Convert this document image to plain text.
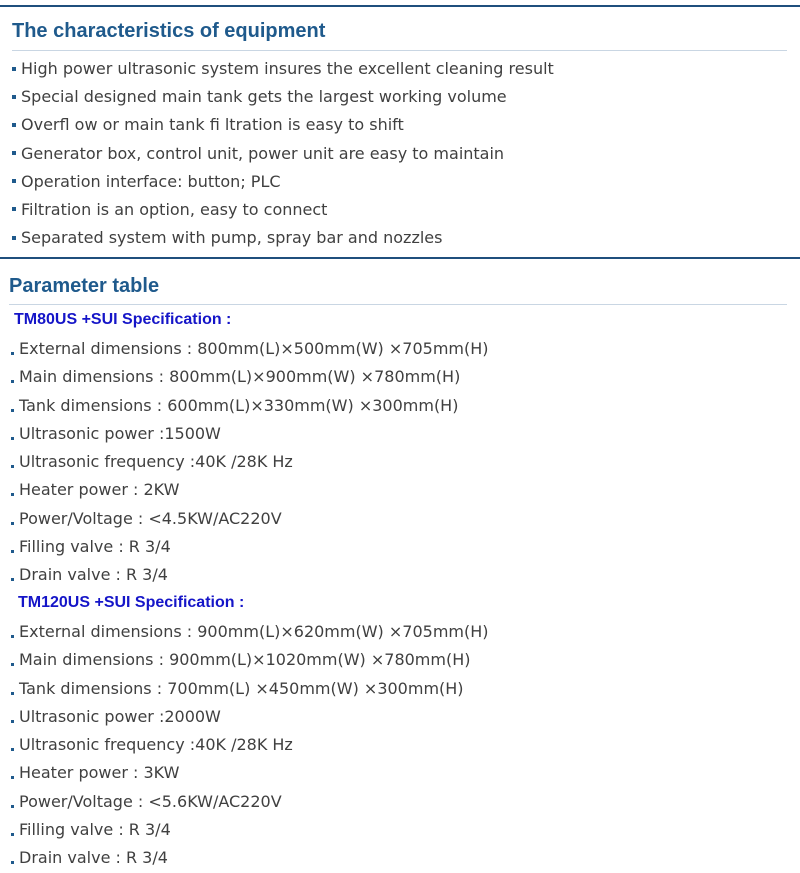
The characteristics of equipment
High power ultrasonic system insures the excellent cleaning result
Special designed main tank gets the largest working volume
Overfl ow or main tank fi ltration is easy to shift
Generator box, control unit, power unit are easy to maintain
Operation interface: button; PLC
Filtration is an option, easy to connect
Separated system with pump, spray bar and nozzles
Parameter table
TM80US +SUI Specification :
External dimensions : 800mm(L)×500mm(W) ×705mm(H)
Main dimensions : 800mm(L)×900mm(W) ×780mm(H)
Tank dimensions : 600mm(L)×330mm(W) ×300mm(H)
Ultrasonic power :1500W
Ultrasonic frequency :40K /28K Hz
Heater power : 2KW
Power/Voltage : <4.5KW/AC220V
Filling valve : R 3/4
Drain valve : R 3/4
TM120US +SUI Specification :
External dimensions : 900mm(L)×620mm(W) ×705mm(H)
Main dimensions : 900mm(L)×1020mm(W) ×780mm(H)
Tank dimensions : 700mm(L) ×450mm(W) ×300mm(H)
Ultrasonic power :2000W
Ultrasonic frequency :40K /28K Hz
Heater power : 3KW
Power/Voltage : <5.6KW/AC220V
Filling valve : R 3/4
Drain valve : R 3/4
